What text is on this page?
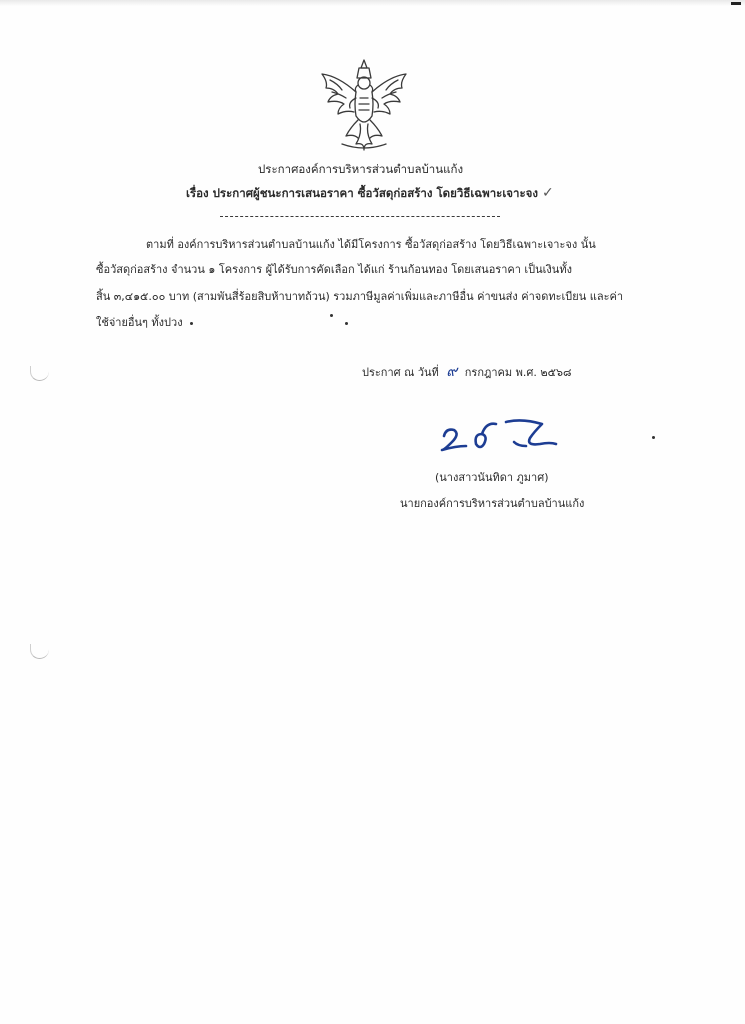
ประกาศองค์การบริหารส่วนตำบลบ้านแก้ง
เรื่อง ประกาศผู้ชนะการเสนอราคา ซื้อวัสดุก่อสร้าง โดยวิธีเฉพาะเจาะจง ✓
ตามที่ องค์การบริหารส่วนตำบลบ้านแก้ง ได้มีโครงการ ซื้อวัสดุก่อสร้าง โดยวิธีเฉพาะเจาะจง นั้น
ซื้อวัสดุก่อสร้าง จำนวน ๑ โครงการ ผู้ได้รับการคัดเลือก ได้แก่ ร้านก้อนทอง โดยเสนอราคา เป็นเงินทั้ง
สิ้น ๓,๔๑๕.๐๐ บาท (สามพันสี่ร้อยสิบห้าบาทถ้วน) รวมภาษีมูลค่าเพิ่มและภาษีอื่น ค่าขนส่ง ค่าจดทะเบียน และค่า
ใช้จ่ายอื่นๆ ทั้งปวง
ประกาศ ณ วันที่ ๙ กรกฎาคม พ.ศ. ๒๕๖๘
(นางสาวนันทิดา ภูมาศ)
นายกองค์การบริหารส่วนตำบลบ้านแก้ง
